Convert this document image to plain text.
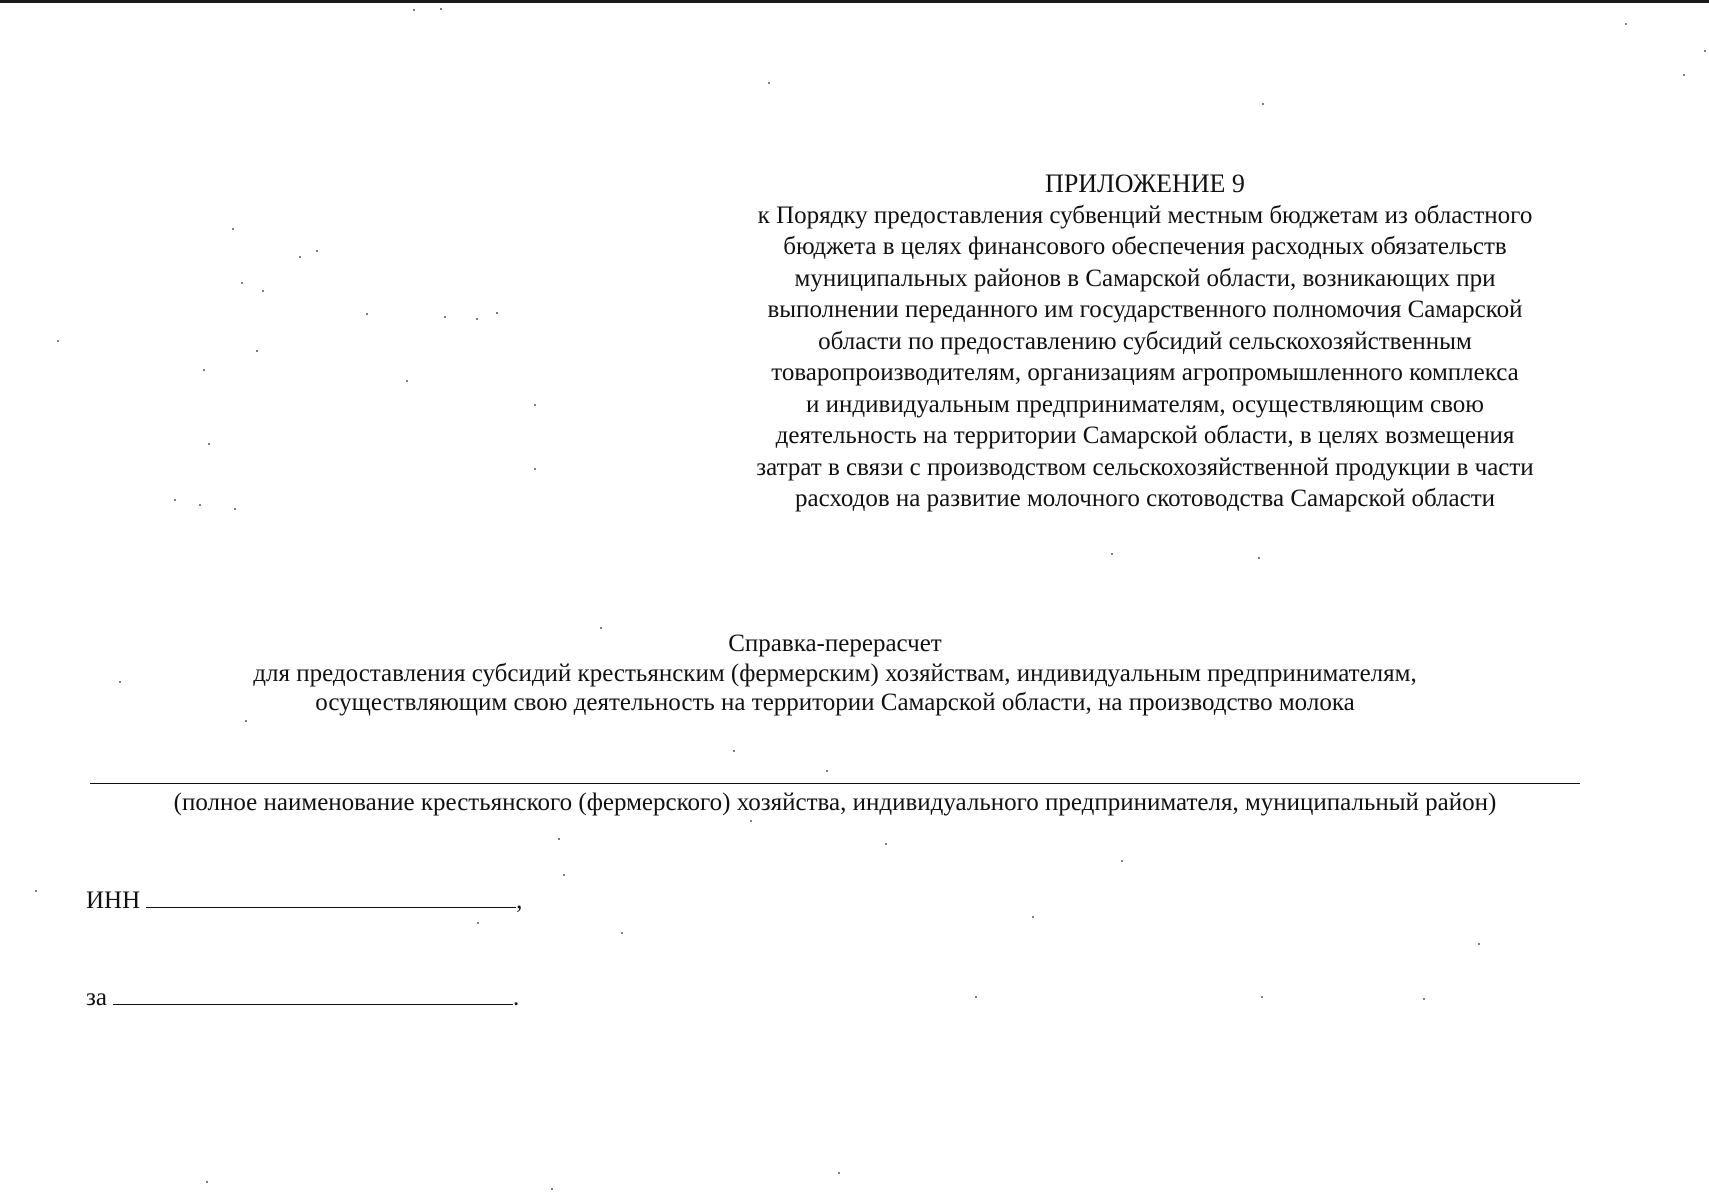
ПРИЛОЖЕНИЕ 9
к Порядку предоставления субвенций местным бюджетам из областного
бюджета в целях финансового обеспечения расходных обязательств
муниципальных районов в Самарской области, возникающих при
выполнении переданного им государственного полномочия Самарской
области по предоставлению субсидий сельскохозяйственным
товаропроизводителям, организациям агропромышленного комплекса
и индивидуальным предпринимателям, осуществляющим свою
деятельность на территории Самарской области, в целях возмещения
затрат в связи с производством сельскохозяйственной продукции в части
расходов на развитие молочного скотоводства Самарской области
Справка-перерасчет
для предоставления субсидий крестьянским (фермерским) хозяйствам, индивидуальным предпринимателям,
осуществляющим свою деятельность на территории Самарской области, на производство молока
(полное наименование крестьянского (фермерского) хозяйства, индивидуального предпринимателя, муниципальный район)
ИНН	,
за	.
